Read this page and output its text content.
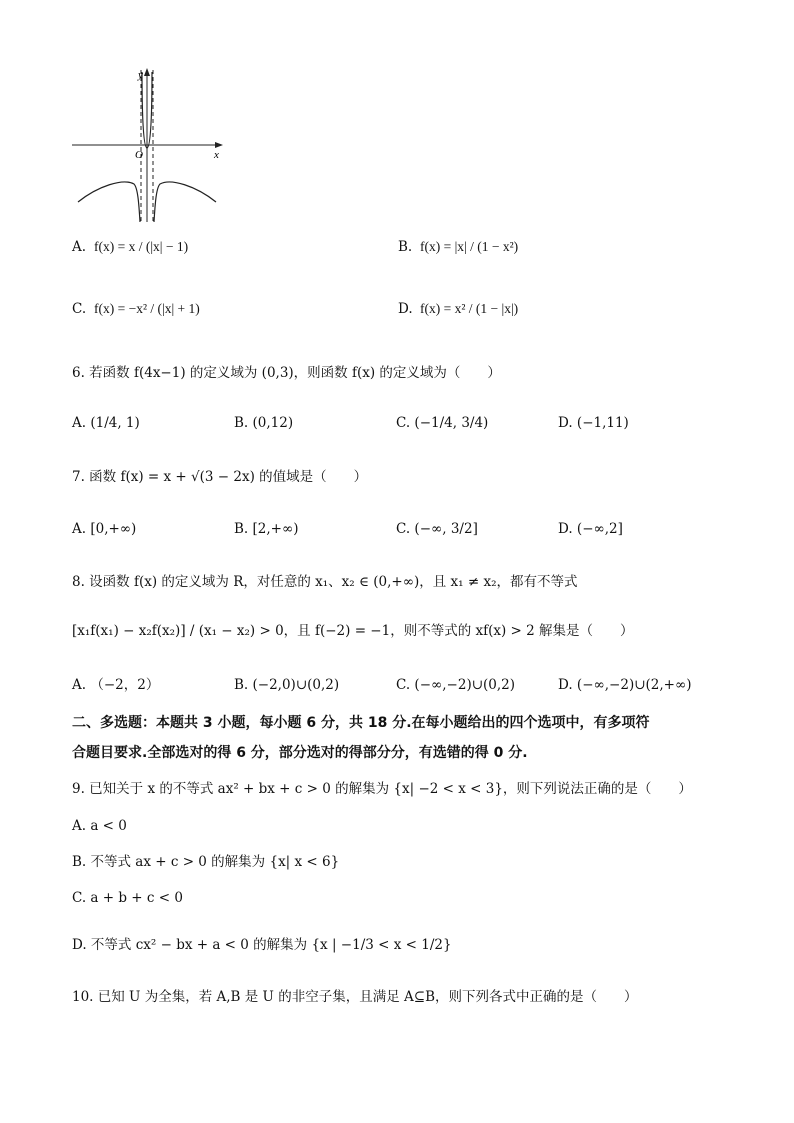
y
x
O
A. f(x) = x / (|x| − 1)	B. f(x) = |x| / (1 − x²)
C. f(x) = −x² / (|x| + 1)	D. f(x) = x² / (1 − |x|)
6. 若函数 f(4x−1) 的定义域为 (0,3)，则函数 f(x) 的定义域为（　　）
A. (1/4, 1)	B. (0,12)	C. (−1/4, 3/4)	D. (−1,11)
7. 函数 f(x) = x + √(3 − 2x) 的值域是（　　）
A. [0,+∞)	B. [2,+∞)	C. (−∞, 3/2]	D. (−∞,2]
8. 设函数 f(x) 的定义域为 R，对任意的 x₁、x₂ ∈ (0,+∞)，且 x₁ ≠ x₂，都有不等式
[x₁f(x₁) − x₂f(x₂)] / (x₁ − x₂) > 0，且 f(−2) = −1，则不等式的 xf(x) > 2 解集是（　　）
A. （−2，2）	B. (−2,0)∪(0,2)	C. (−∞,−2)∪(0,2)	D. (−∞,−2)∪(2,+∞)
二、多选题：本题共 3 小题，每小题 6 分，共 18 分.在每小题给出的四个选项中，有多项符
合题目要求.全部选对的得 6 分，部分选对的得部分分，有选错的得 0 分.
9. 已知关于 x 的不等式 ax² + bx + c > 0 的解集为 {x| −2 < x < 3}，则下列说法正确的是（　　）
A. a < 0
B. 不等式 ax + c > 0 的解集为 {x| x < 6}
C. a + b + c < 0
D. 不等式 cx² − bx + a < 0 的解集为 {x | −1/3 < x < 1/2}
10. 已知 U 为全集，若 A,B 是 U 的非空子集，且满足 A⊆B，则下列各式中正确的是（　　）
